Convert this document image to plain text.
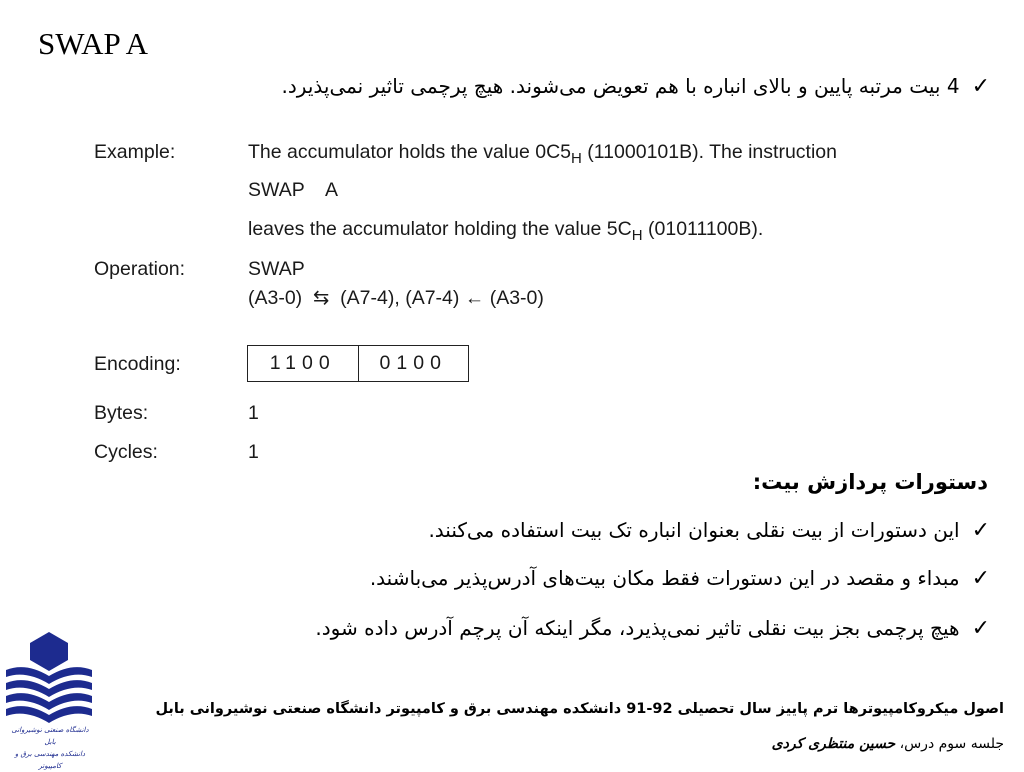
SWAP A
✓4 بیت مرتبه پایین و بالای انباره با هم تعویض می‌شوند. هیچ پرچمی تاثیر نمی‌پذیرد.
Example:	The accumulator holds the value $0C5_H$ (11000101B). The instruction
SWAP    A
leaves the accumulator holding the value $5C_H$ (01011100B).
Operation:	SWAP
(A3-0)  ⇆  (A7-4), (A7-4) ← (A3-0)
Encoding:	1100	0100
Bytes:	1
Cycles:	1
دستورات پردازش بیت:
✓این دستورات از بیت نقلی بعنوان انباره تک بیت استفاده می‌کنند.
✓مبداء و مقصد در این دستورات فقط مکان بیت‌های آدرس‌پذیر می‌باشند.
✓هیچ پرچمی بجز بیت نقلی تاثیر نمی‌پذیرد، مگر اینکه آن پرچم آدرس داده شود.
دانشگاه صنعتی نوشیروانی بابل
دانشکده مهندسی برق و کامپیوتر
اصول میکروکامپیوترها ترم پاییز سال تحصیلی 92-91 دانشکده مهندسی برق و کامپیوتر دانشگاه صنعتی نوشیروانی بابل
جلسه سوم درس، حسین منتظری کردی
